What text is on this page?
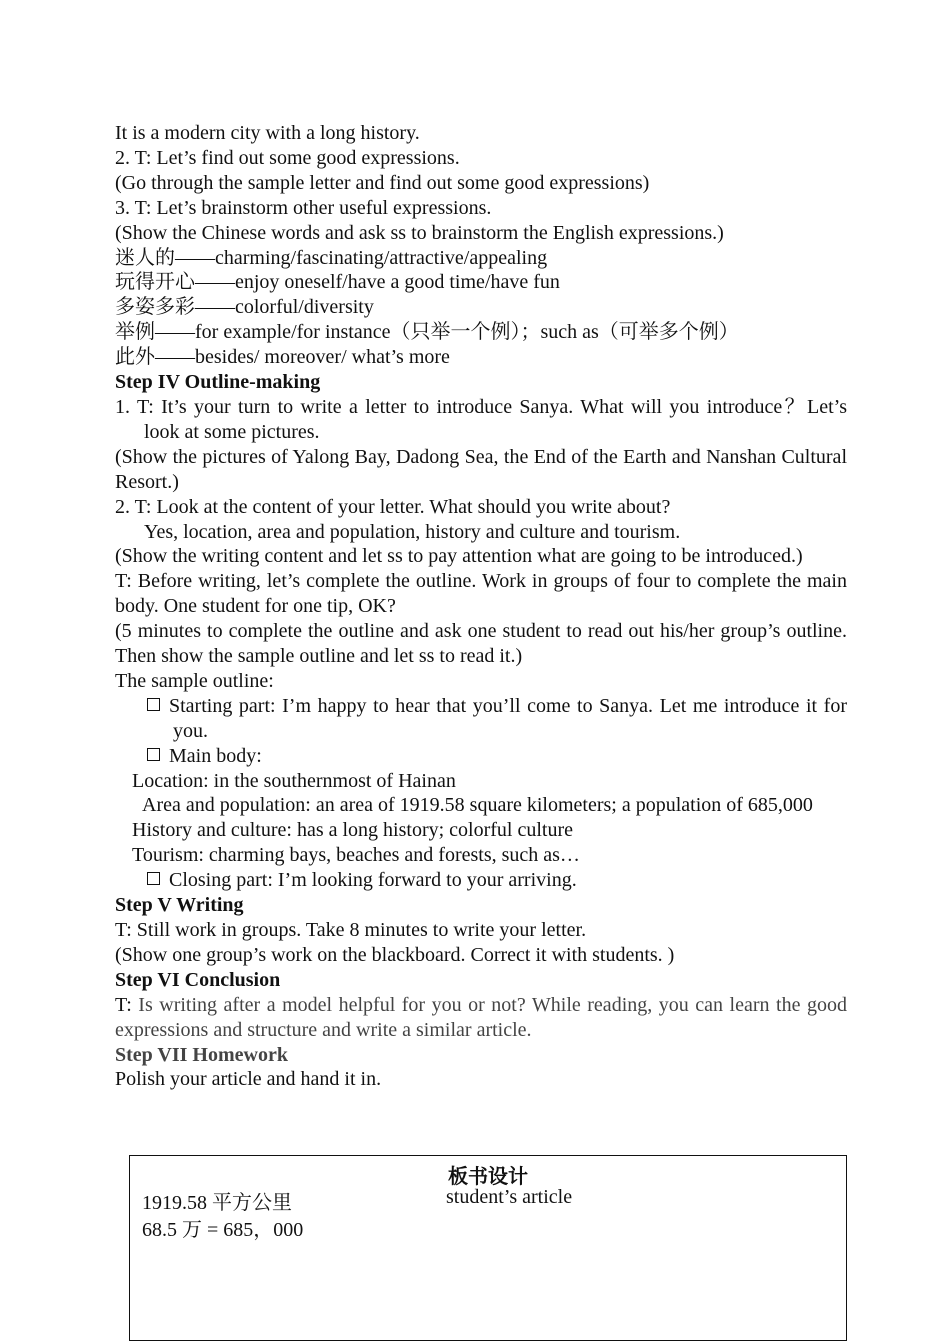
It is a modern city with a long history.
2. T: Let’s find out some good expressions.
(Go through the sample letter and find out some good expressions)
3. T: Let’s brainstorm other useful expressions.
(Show the Chinese words and ask ss to brainstorm the English expressions.)
迷人的——charming/fascinating/attractive/appealing
玩得开心——enjoy oneself/have a good time/have fun
多姿多彩——colorful/diversity
举例——for example/for instance（只举一个例）；such as（可举多个例）
此外——besides/ moreover/ what’s more
Step IV Outline-making
1. T: It’s your turn to write a letter to introduce Sanya. What will you introduce？Let’s look at some pictures.
(Show the pictures of Yalong Bay, Dadong Sea, the End of the Earth and Nanshan Cultural Resort.)
2. T: Look at the content of your letter. What should you write about?
Yes, location, area and population, history and culture and tourism.
(Show the writing content and let ss to pay attention what are going to be introduced.)
T: Before writing, let’s complete the outline. Work in groups of four to complete the main body. One student for one tip, OK?
(5 minutes to complete the outline and ask one student to read out his/her group’s outline. Then show the sample outline and let ss to read it.)
The sample outline:
Starting part: I’m happy to hear that you’ll come to Sanya. Let me introduce it for you.
Main body:
Location: in the southernmost of Hainan
Area and population: an area of 1919.58 square kilometers; a population of 685,000
History and culture: has a long history; colorful culture
Tourism: charming bays, beaches and forests, such as…
Closing part: I’m looking forward to your arriving.
Step V Writing
T: Still work in groups. Take 8 minutes to write your letter.
(Show one group’s work on the blackboard. Correct it with students. )
Step VI Conclusion
T: Is writing after a model helpful for you or not? While reading, you can learn the good expressions and structure and write a similar article.
Step VII Homework
Polish your article and hand it in.
板书设计
1919.58 平方公里	student’s article
68.5 万 = 685，000
